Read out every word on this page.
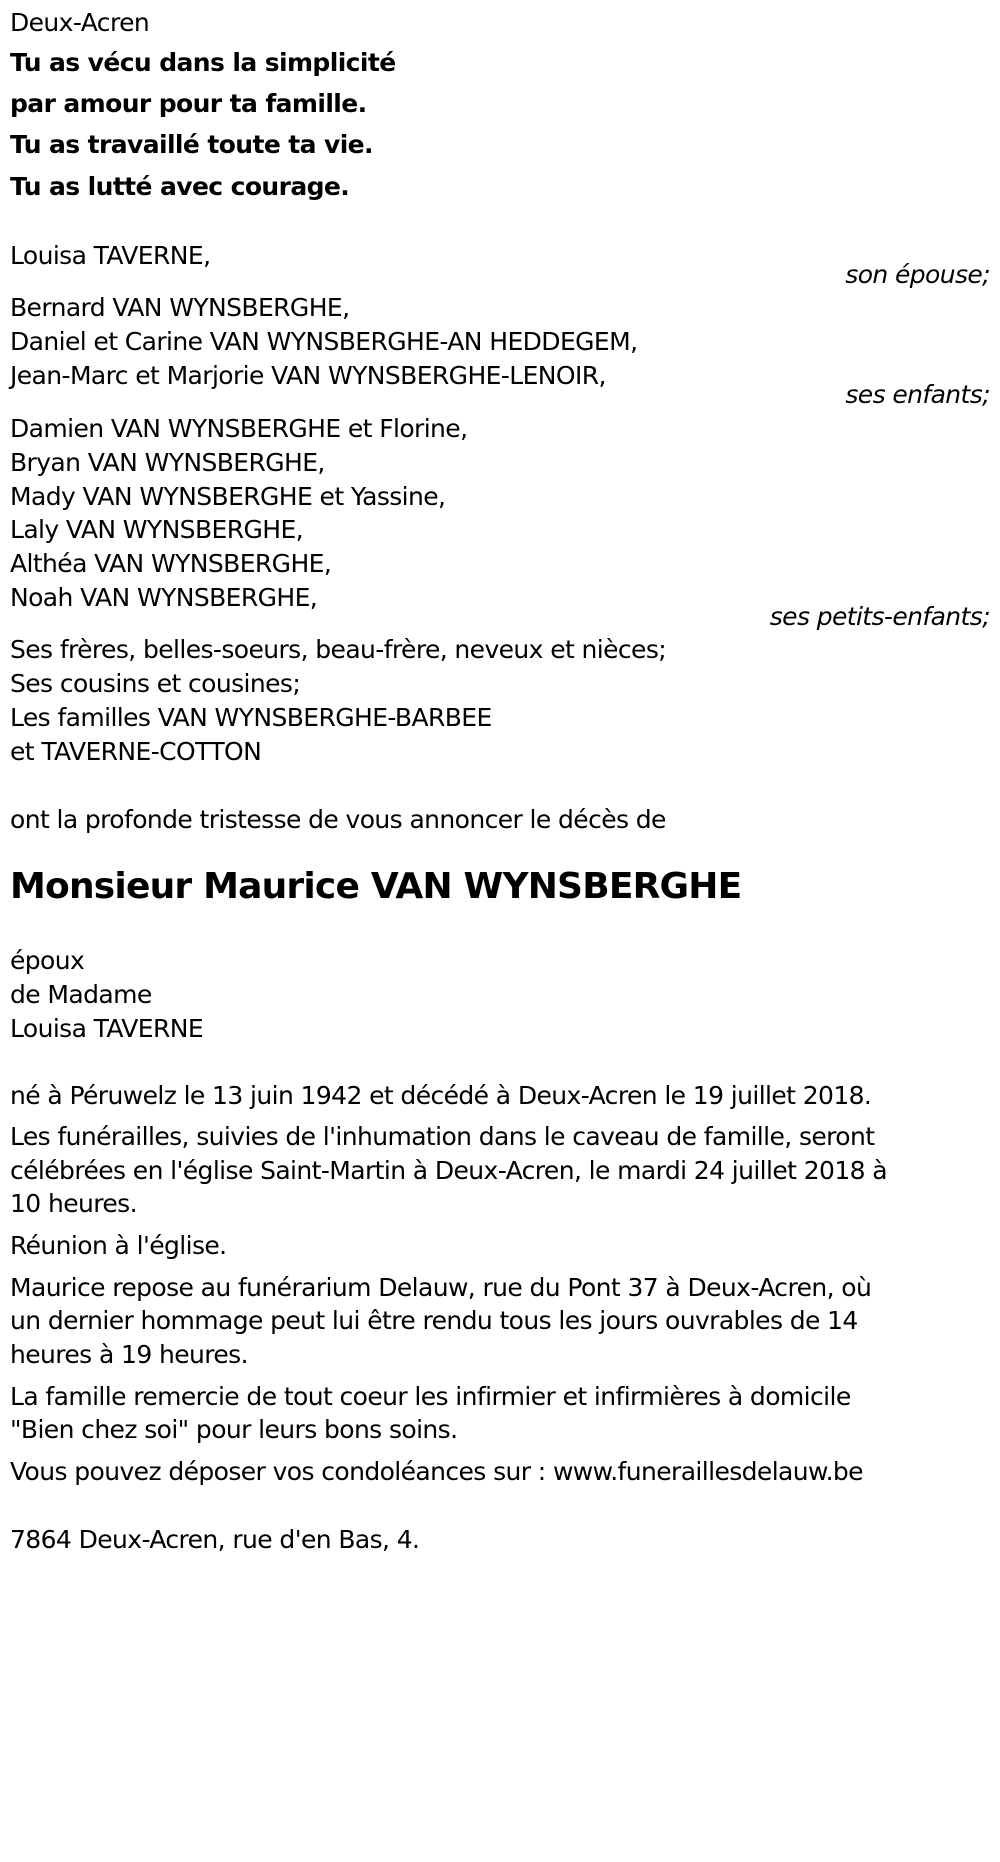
Deux-Acren
Tu as vécu dans la simplicité
par amour pour ta famille.
Tu as travaillé toute ta vie.
Tu as lutté avec courage.
Louisa TAVERNE,
son épouse;
Bernard VAN WYNSBERGHE,
Daniel et Carine VAN WYNSBERGHE-AN HEDDEGEM,
Jean-Marc et Marjorie VAN WYNSBERGHE-LENOIR,
ses enfants;
Damien VAN WYNSBERGHE et Florine,
Bryan VAN WYNSBERGHE,
Mady VAN WYNSBERGHE et Yassine,
Laly VAN WYNSBERGHE,
Althéa VAN WYNSBERGHE,
Noah VAN WYNSBERGHE,
ses petits-enfants;
Ses frères, belles-soeurs, beau-frère, neveux et nièces;
Ses cousins et cousines;
Les familles VAN WYNSBERGHE-BARBEE
et TAVERNE-COTTON
ont la profonde tristesse de vous annoncer le décès de
Monsieur Maurice VAN WYNSBERGHE
époux
de Madame
Louisa TAVERNE
né à Péruwelz le 13 juin 1942 et décédé à Deux-Acren le 19 juillet 2018.
Les funérailles, suivies de l'inhumation dans le caveau de famille, seront
célébrées en l'église Saint-Martin à Deux-Acren, le mardi 24 juillet 2018 à
10 heures.
Réunion à l'église.
Maurice repose au funérarium Delauw, rue du Pont 37 à Deux-Acren, où
un dernier hommage peut lui être rendu tous les jours ouvrables de 14
heures à 19 heures.
La famille remercie de tout coeur les infirmier et infirmières à domicile
"Bien chez soi" pour leurs bons soins.
Vous pouvez déposer vos condoléances sur : www.funeraillesdelauw.be
7864 Deux-Acren, rue d'en Bas, 4.
